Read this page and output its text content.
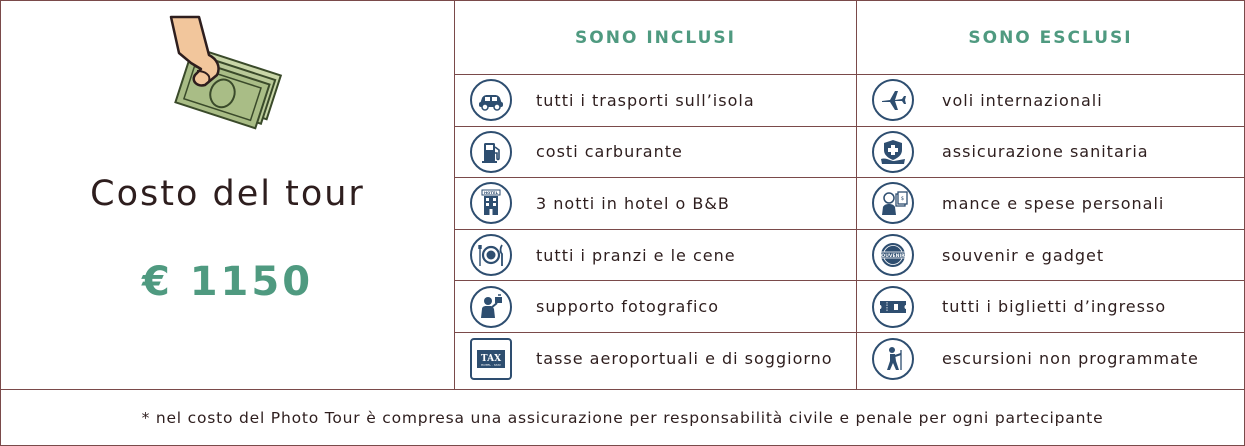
Costo del tour
€ 1150
SONO INCLUSI
tutti i trasporti sull’isola
costi carburante
HOTEL
3 notti in hotel o B&B
tutti i pranzi e le cene
supporto fotografico
TAX
HOTEL · STAY tasse aeroportuali e di soggiorno
SONO ESCLUSI
voli internazionali
assicurazione sanitaria
$ mance e spese personali
SOUVENIRS souvenir e gadget
tutti i biglietti d’ingresso
escursioni non programmate
* nel costo del Photo Tour è compresa una assicurazione per responsabilità civile e penale per ogni partecipante
